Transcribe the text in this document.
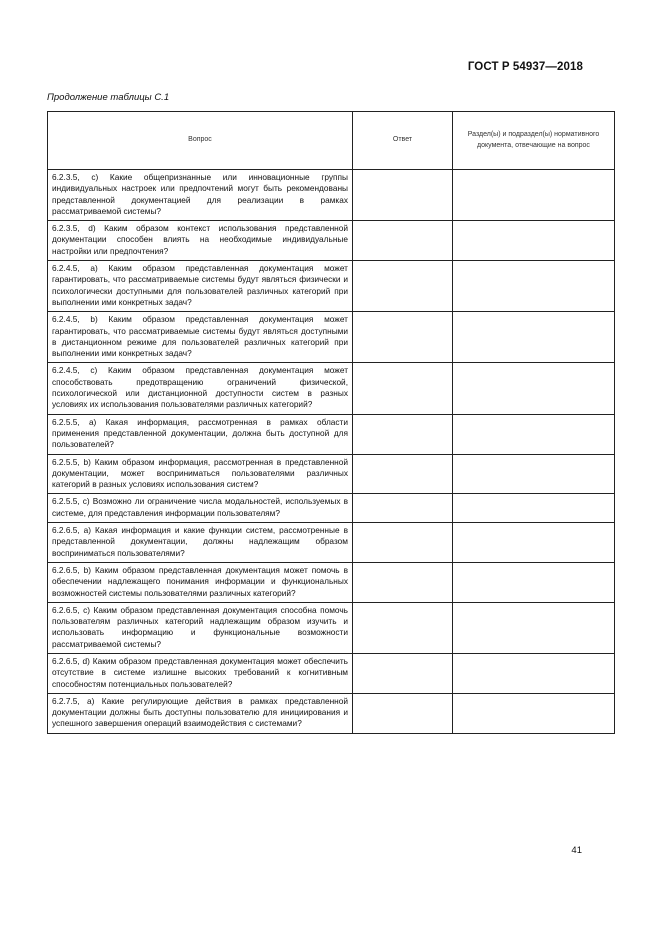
ГОСТ Р 54937—2018
Продолжение таблицы С.1
Вопрос	Ответ	Раздел(ы) и подраздел(ы) нормативного документа, отвечающие на вопрос
6.2.3.5, с) Какие общепризнанные или инновационные группы индивидуальных настроек или предпочтений могут быть рекомендованы представленной документацией для реализации в рамках рассматриваемой системы?		
6.2.3.5, d) Каким образом контекст использования представленной документации способен влиять на необходимые индивидуальные настройки или предпочтения?		
6.2.4.5, а) Каким образом представленная документация может гарантировать, что рассматриваемые системы будут являться физически и психологически доступными для пользователей различных категорий при выполнении ими конкретных задач?		
6.2.4.5, b) Каким образом представленная документация может гарантировать, что рассматриваемые системы будут являться доступными в дистанционном режиме для пользователей различных категорий при выполнении ими конкретных задач?		
6.2.4.5, с) Каким образом представленная документация может способствовать предотвращению ограничений физической, психологической или дистанционной доступности систем в разных условиях их использования пользователями различных категорий?		
6.2.5.5, а) Какая информация, рассмотренная в рамках области применения представленной документации, должна быть доступной для пользователей?		
6.2.5.5, b) Каким образом информация, рассмотренная в представленной документации, может восприниматься пользователями различных категорий в разных условиях использования систем?		
6.2.5.5, с) Возможно ли ограничение числа модальностей, используемых в системе, для представления информации пользователям?		
6.2.6.5, а) Какая информация и какие функции систем, рассмотренные в представленной документации, должны надлежащим образом восприниматься пользователями?		
6.2.6.5, b) Каким образом представленная документация может помочь в обеспечении надлежащего понимания информации и функциональных возможностей системы пользователями различных категорий?		
6.2.6.5, с) Каким образом представленная документация способна помочь пользователям различных категорий надлежащим образом изучить и использовать информацию и функциональные возможности рассматриваемой системы?		
6.2.6.5, d) Каким образом представленная документация может обеспечить отсутствие в системе излишне высоких требований к когнитивным способностям потенциальных пользователей?		
6.2.7.5, а) Какие регулирующие действия в рамках представленной документации должны быть доступны пользователю для инициирования и успешного завершения операций взаимодействия с системами?		
41
